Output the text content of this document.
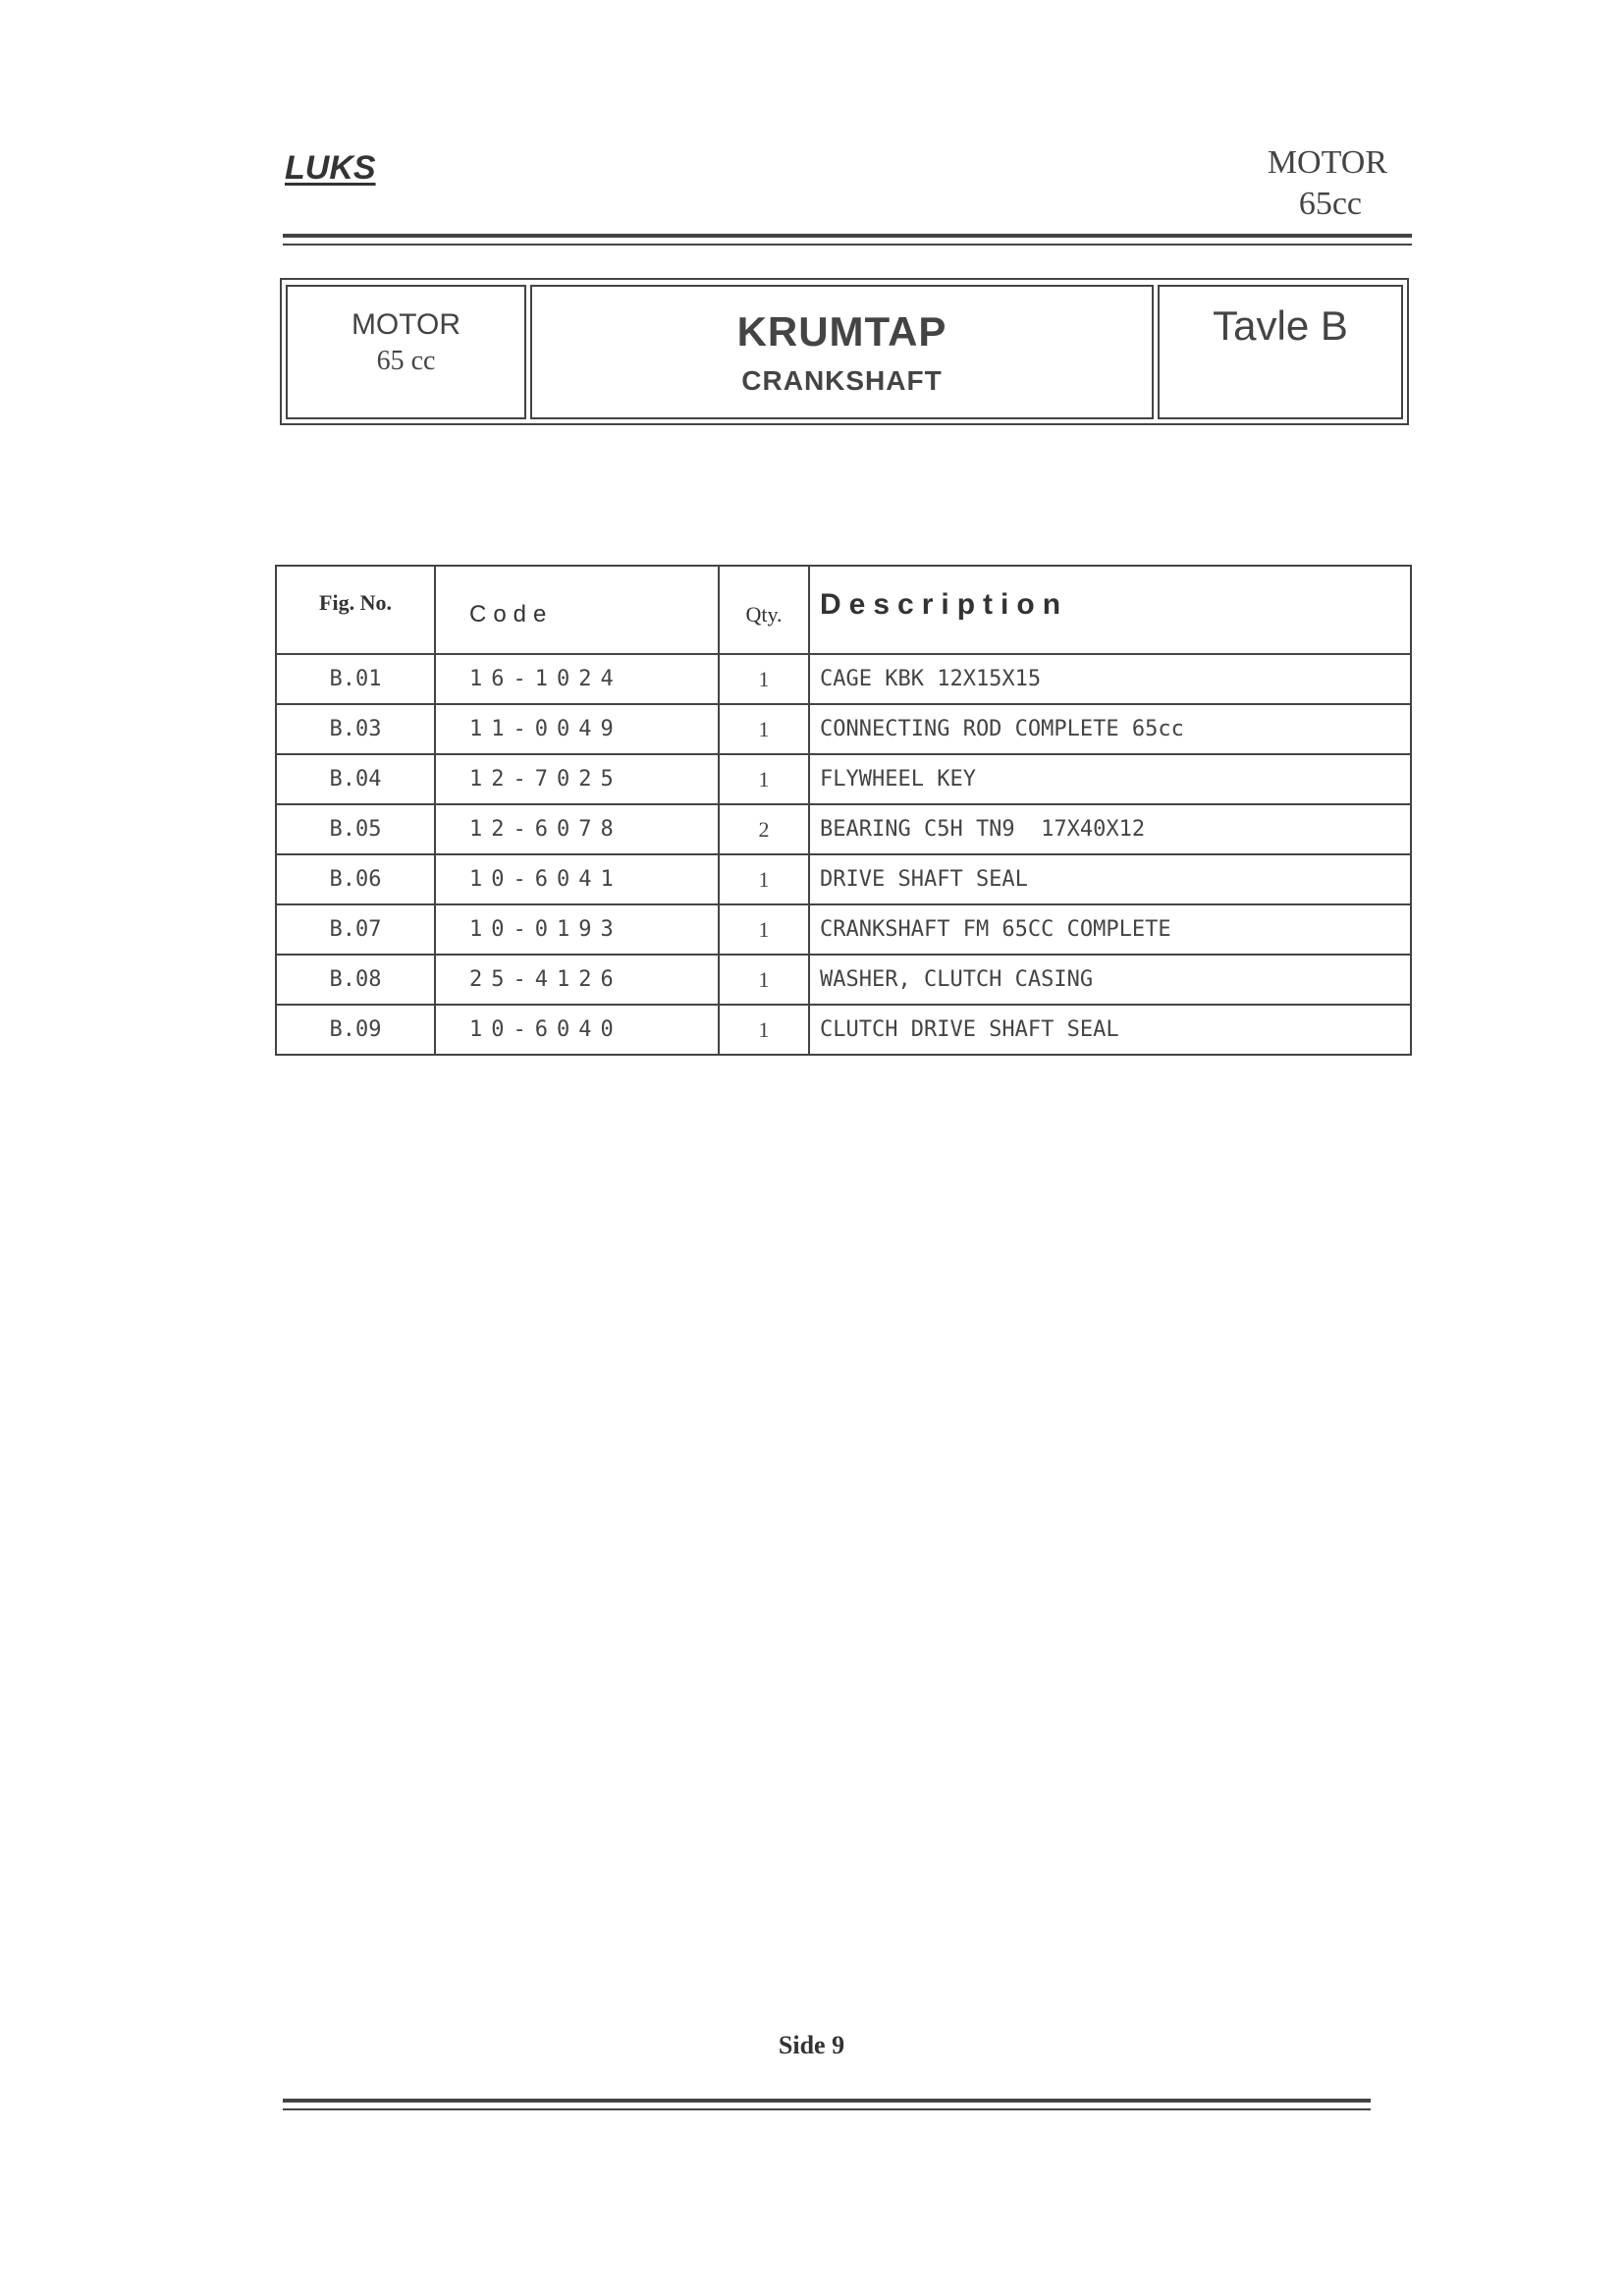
LUKS	MOTOR
65cc
MOTOR
65 cc
KRUMTAP
CRANKSHAFT
Tavle B
Fig. No.	Code	Qty.	Description
B.01	16-1024	1	CAGE KBK 12X15X15
B.03	11-0049	1	CONNECTING ROD COMPLETE 65cc
B.04	12-7025	1	FLYWHEEL KEY
B.05	12-6078	2	BEARING C5H TN9  17X40X12
B.06	10-6041	1	DRIVE SHAFT SEAL
B.07	10-0193	1	CRANKSHAFT FM 65CC COMPLETE
B.08	25-4126	1	WASHER, CLUTCH CASING
B.09	10-6040	1	CLUTCH DRIVE SHAFT SEAL
Side 9
